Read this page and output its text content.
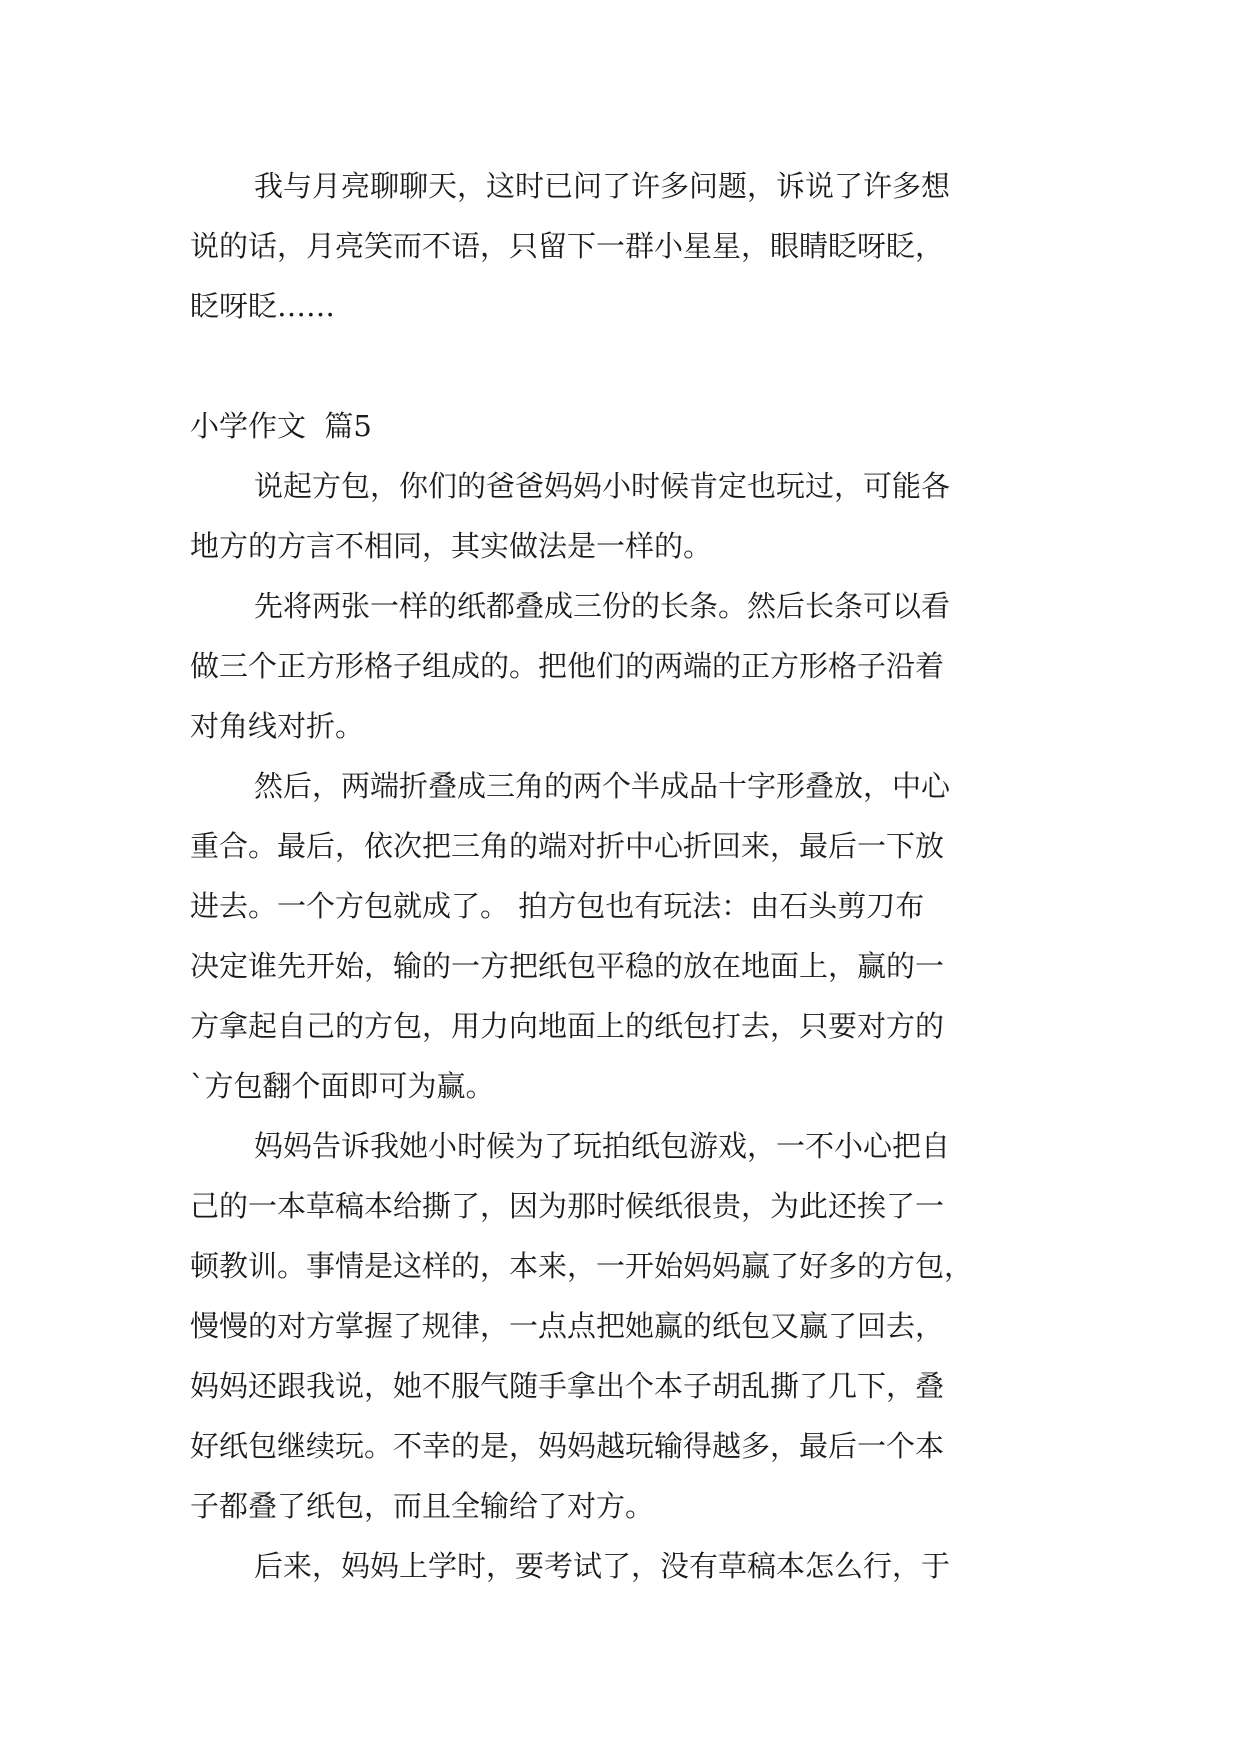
我与月亮聊聊天，这时已问了许多问题，诉说了许多想

说的话，月亮笑而不语，只留下一群小星星，眼睛眨呀眨，

眨呀眨……

小学作文  篇5

说起方包，你们的爸爸妈妈小时候肯定也玩过，可能各

地方的方言不相同，其实做法是一样的。

先将两张一样的纸都叠成三份的长条。然后长条可以看

做三个正方形格子组成的。把他们的两端的正方形格子沿着

对角线对折。

然后，两端折叠成三角的两个半成品十字形叠放，中心

重合。最后，依次把三角的端对折中心折回来，最后一下放

进去。一个方包就成了。 拍方包也有玩法：由石头剪刀布

决定谁先开始，输的一方把纸包平稳的放在地面上，赢的一

方拿起自己的方包，用力向地面上的纸包打去，只要对方的

`方包翻个面即可为赢。

妈妈告诉我她小时候为了玩拍纸包游戏，一不小心把自

己的一本草稿本给撕了，因为那时候纸很贵，为此还挨了一

顿教训。事情是这样的，本来，一开始妈妈赢了好多的方包，

慢慢的对方掌握了规律，一点点把她赢的纸包又赢了回去，

妈妈还跟我说，她不服气随手拿出个本子胡乱撕了几下，叠

好纸包继续玩。不幸的是，妈妈越玩输得越多，最后一个本

子都叠了纸包，而且全输给了对方。

后来，妈妈上学时，要考试了，没有草稿本怎么行，于
